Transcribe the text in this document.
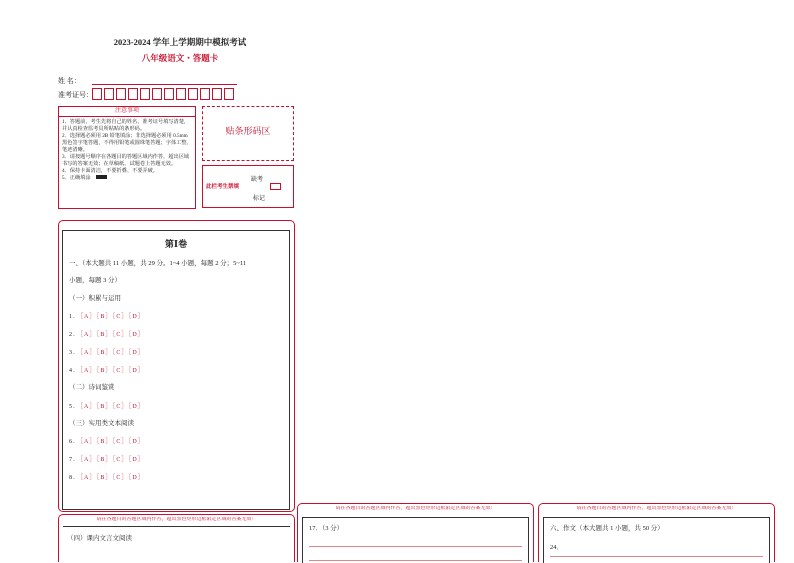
2023-2024 学年上学期期中模拟考试
八年级语文・答题卡
姓 名：
准考证号：
注意事项
1．答题前，考生先将自己的姓名，准考证号填写清楚，并认真检查监考员所粘贴的条形码。
2．选择题必须用 2B 铅笔填涂；非选择题必须用 0.5mm 黑色签字笔答题，不得用铅笔或圆珠笔答题；字体工整、笔迹清晰。
3．请按题号顺序在各题目的答题区域内作答，超出区域书写的答案无效；在草稿纸、试题卷上答题无效。
4．保持卡面清洁，不要折叠、不要弄破。
5．正确填涂
贴条形码区
缺考
此栏考生禁填
标记
第Ⅰ卷
一、（本大题共 11 小题，共 29 分。1~4 小题，每题 2 分；5~11
小题，每题 3 分）
（一）积累与运用
1．［A］［B］［C］［D］
2．［A］［B］［C］［D］
3．［A］［B］［C］［D］
4．［A］［B］［C］［D］
（二）诗词鉴赏
5．［A］［B］［C］［D］
（三）实用类文本阅读
6．［A］［B］［C］［D］
7．［A］［B］［C］［D］
8．［A］［B］［C］［D］
请在各题目的答题区域内作答，超出黑色矩形边框限定区域的答案无效！
（四）课内文言文阅读
请在各题目的答题区域内作答，超出黑色矩形边框限定区域的答案无效！
17．（3 分）
请在各题目的答题区域内作答，超出黑色矩形边框限定区域的答案无效！
六、作文（本大题共 1 小题，共 50 分）
24．
